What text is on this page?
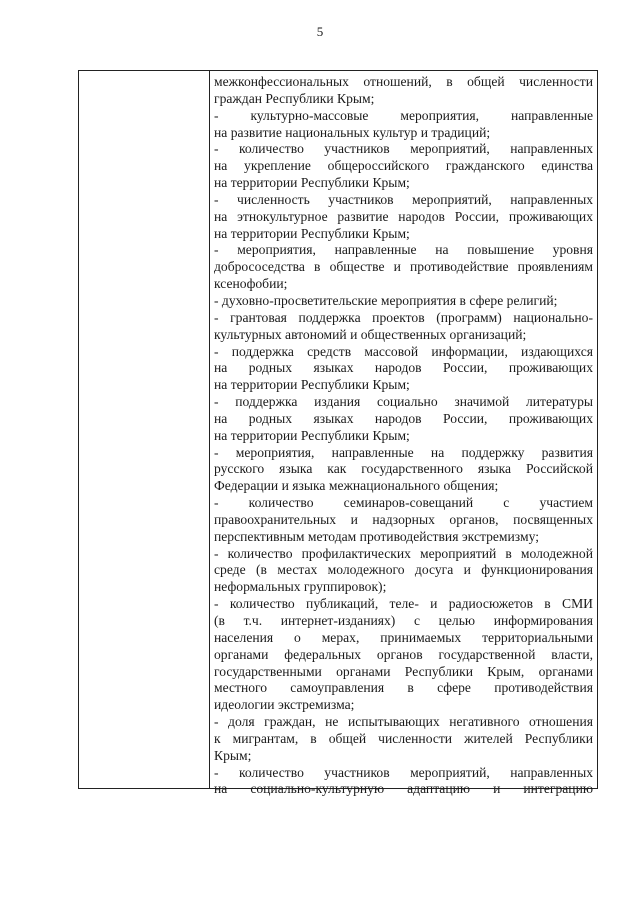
5
межконфессиональных отношений, в общей численности
граждан Республики Крым;
- культурно-массовые мероприятия, направленные
на развитие национальных культур и традиций;
- количество участников мероприятий, направленных
на укрепление общероссийского гражданского единства
на территории Республики Крым;
- численность участников мероприятий, направленных
на этнокультурное развитие народов России, проживающих
на территории Республики Крым;
- мероприятия, направленные на повышение уровня
добрососедства в обществе и противодействие проявлениям
ксенофобии;
- духовно-просветительские мероприятия в сфере религий;
- грантовая поддержка проектов (программ) национально-
культурных автономий и общественных организаций;
- поддержка средств массовой информации, издающихся
на родных языках народов России, проживающих
на территории Республики Крым;
- поддержка издания социально значимой литературы
на родных языках народов России, проживающих
на территории Республики Крым;
- мероприятия, направленные на поддержку развития
русского языка как государственного языка Российской
Федерации и языка межнационального общения;
- количество семинаров-совещаний с участием
правоохранительных и надзорных органов, посвященных
перспективным методам противодействия экстремизму;
- количество профилактических мероприятий в молодежной
среде (в местах молодежного досуга и функционирования
неформальных группировок);
- количество публикаций, теле- и радиосюжетов в СМИ
(в т.ч. интернет-изданиях) с целью информирования
населения о мерах, принимаемых территориальными
органами федеральных органов государственной власти,
государственными органами Республики Крым, органами
местного самоуправления в сфере противодействия
идеологии экстремизма;
- доля граждан, не испытывающих негативного отношения
к мигрантам, в общей численности жителей Республики
Крым;
- количество участников мероприятий, направленных
на социально-культурную адаптацию и интеграцию
